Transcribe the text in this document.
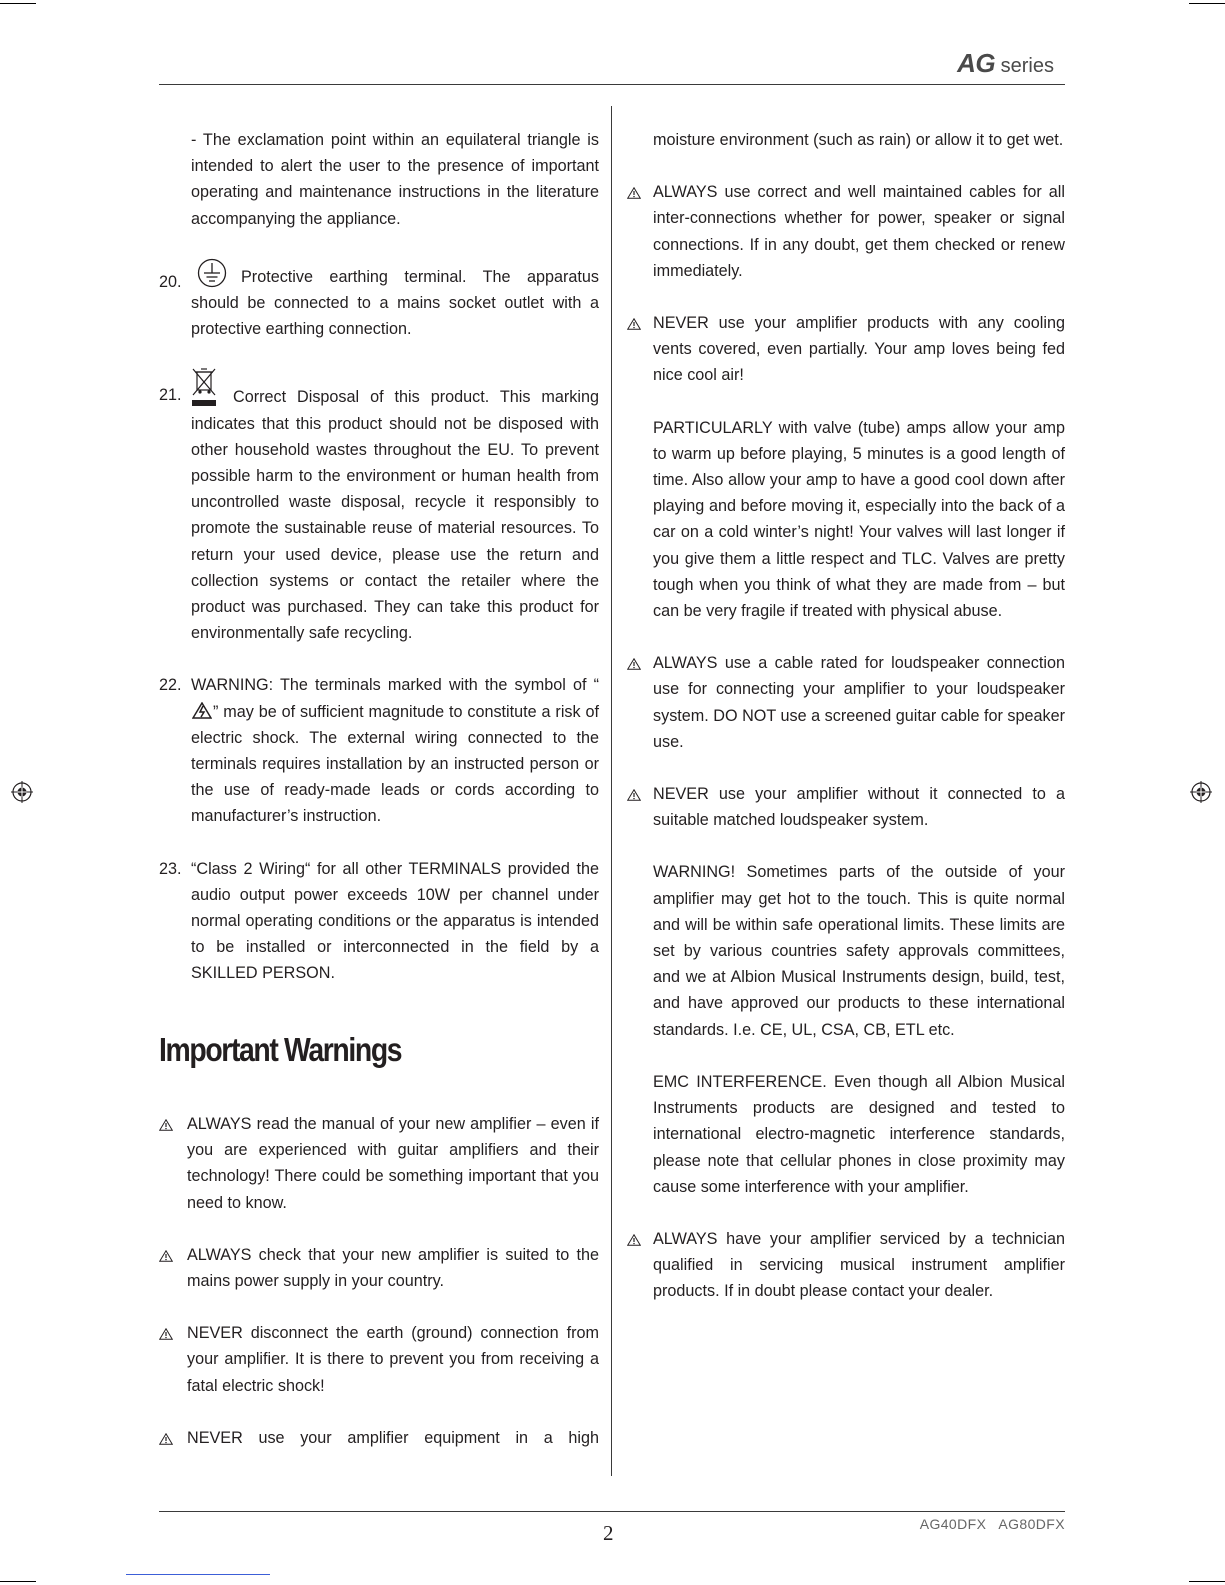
AG series
- The exclamation point within an equilateral triangle is intended to alert the user to the presence of important operating and maintenance instructions in the literature accompanying the appliance.
20.	Protective earthing terminal. The apparatus should be connected to a mains socket outlet with a protective earthing connection.
21.	Correct Disposal of this product. This marking indicates that this product should not be disposed with other household wastes throughout the EU. To prevent possible harm to the environment or human health from uncontrolled waste disposal, recycle it responsibly to promote the sustainable reuse of material resources. To return your used device, please use the return and collection systems or contact the retailer where the product was purchased. They can take this product for environmentally safe recycling.
22. WARNING: The terminals marked with the symbol of “” may be of sufficient magnitude to constitute a risk of electric shock. The external wiring connected to the terminals requires installation by an instructed person or the use of ready-made leads or cords according to manufacturer’s instruction.
23. “Class 2 Wiring“ for all other TERMINALS provided the audio output power exceeds 10W per channel under normal operating conditions or the apparatus is intended to be installed or interconnected in the field by a SKILLED PERSON.
Important Warnings
ALWAYS read the manual of your new amplifier – even if you are experienced with guitar amplifiers and their technology! There could be something important that you need to know.
ALWAYS check that your new amplifier is suited to the mains power supply in your country.
NEVER disconnect the earth (ground) connection from your amplifier. It is there to prevent you from receiving a fatal electric shock!
NEVER use your amplifier equipment in a high
moisture environment (such as rain) or allow it to get wet.
ALWAYS use correct and well maintained cables for all inter-connections whether for power, speaker or signal connections. If in any doubt, get them checked or renew immediately.
NEVER use your amplifier products with any cooling vents covered, even partially. Your amp loves being fed nice cool air!
PARTICULARLY with valve (tube) amps allow your amp to warm up before playing, 5 minutes is a good length of time. Also allow your amp to have a good cool down after playing and before moving it, especially into the back of a car on a cold winter’s night! Your valves will last longer if you give them a little respect and TLC. Valves are pretty tough when you think of what they are made from – but can be very fragile if treated with physical abuse.
ALWAYS use a cable rated for loudspeaker connection use for connecting your amplifier to your loudspeaker system. DO NOT use a screened guitar cable for speaker use.
NEVER use your amplifier without it connected to a suitable matched loudspeaker system.
WARNING! Sometimes parts of the outside of your amplifier may get hot to the touch. This is quite normal and will be within safe operational limits. These limits are set by various countries safety approvals committees, and we at Albion Musical Instruments design, build, test, and have approved our products to these international standards. I.e. CE, UL, CSA, CB, ETL etc.
EMC INTERFERENCE. Even though all Albion Musical Instruments products are designed and tested to international electro-magnetic interference standards, please note that cellular phones in close proximity may cause some interference with your amplifier.
ALWAYS have your amplifier serviced by a technician qualified in servicing musical instrument amplifier products. If in doubt please contact your dealer.
2	AG40DFX   AG80DFX
